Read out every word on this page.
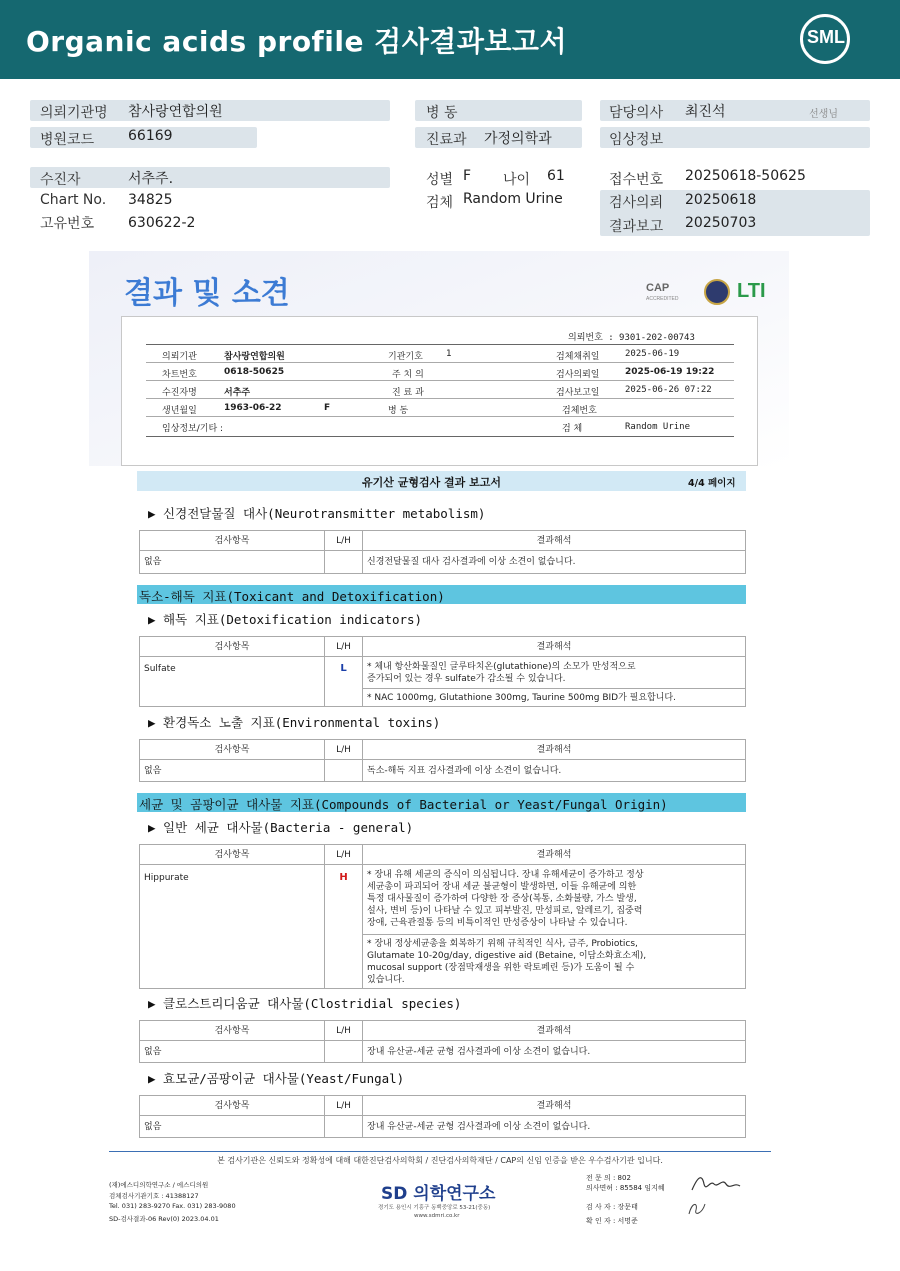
Organic acids profile 검사결과보고서	SML
의뢰기관명 참사랑연합의원	병 동	담당의사 최진석	선생님
병원코드 66169	진료과 가정의학과	임상정보
수진자	서추주.	성별 F 나이 61	접수번호 20250618-50625
Chart No. 34825	검체 Random Urine	검사의뢰 20250618
고유번호 630622-2	결과보고 20250703
결과 및 소견	CAP
ACCREDITED	LTI
의뢰번호 : 9301-202-00743
의뢰기관	참사랑연합의원	기관기호	1	검체채취일	2025-06-19
차트번호	0618-50625	주 치 의	검사의뢰일	2025-06-19 19:22
수진자명	서추주	진 료 과	검사보고일	2025-06-26 07:22
생년월일	1963-06-22	F	병 동	검체번호
임상정보/기타 :	검 체	Random Urine
유기산 균형검사 결과 보고서	4/4 페이지
▶ 신경전달물질 대사(Neurotransmitter metabolism)
검사항목	L/H	결과해석
없음		신경전달물질 대사 검사결과에 이상 소견이 없습니다.
독소-해독 지표(Toxicant and Detoxification)
▶ 해독 지표(Detoxification indicators)
검사항목	L/H	결과해석
Sulfate	L	* 체내 항산화물질인 글루타치온(glutathione)의 소모가 만성적으로
증가되어 있는 경우 sulfate가 감소될 수 있습니다.

		* NAC 1000mg, Glutathione 300mg, Taurine 500mg BID가 필요합니다.
▶ 환경독소 노출 지표(Environmental toxins)
검사항목	L/H	결과해석
없음		독소-해독 지표 검사결과에 이상 소견이 없습니다.
세균 및 곰팡이균 대사물 지표(Compounds of Bacterial or Yeast/Fungal Origin)
▶ 일반 세균 대사물(Bacteria - general)
검사항목	L/H	결과해석
Hippurate	H	* 장내 유해 세균의 증식이 의심됩니다. 장내 유해세균이 증가하고 정상
세균총이 파괴되어 장내 세균 불균형이 발생하면, 이들 유해균에 의한
특정 대사물질이 증가하여 다양한 장 증상(복통, 소화불량, 가스 발생,
설사, 변비 등)이 나타날 수 있고 피부발진, 만성피로, 알레르기, 집중력
장애, 근육관절통 등의 비특이적인 만성증상이 나타날 수 있습니다.

		* 장내 정상세균총을 회복하기 위해 규칙적인 식사, 금주, Probiotics,
Glutamate 10-20g/day, digestive aid (Betaine, 이담소화효소제),
mucosal support (장점막재생을 위한 락토페린 등)가 도움이 될 수
있습니다.
▶ 클로스트리디움균 대사물(Clostridial species)
검사항목	L/H	결과해석
없음		장내 유산균-세균 균형 검사결과에 이상 소견이 없습니다.
▶ 효모균/곰팡이균 대사물(Yeast/Fungal)
검사항목	L/H	결과해석
없음		장내 유산균-세균 균형 검사결과에 이상 소견이 없습니다.
본 검사기관은 신뢰도와 정확성에 대해 대한진단검사의학회 / 진단검사의학재단 / CAP의 신임 인증을 받은 우수검사기관 입니다.
(재)에스디의학연구소 / 에스디의원
검체검사기관기호 : 41388127
Tel. 031) 283-9270 Fax. 031) 283-9080
SD-검사결과-06 Rev(0) 2023.04.01
SD 의학연구소
경기도 용인시 기흥구 동백중앙로 53-21(중동)
www.sdmri.co.kr
전 문 의 : 802
의사면허 : 85584 임지혜
검 사 자 : 장문태
확 인 자 : 서명준
